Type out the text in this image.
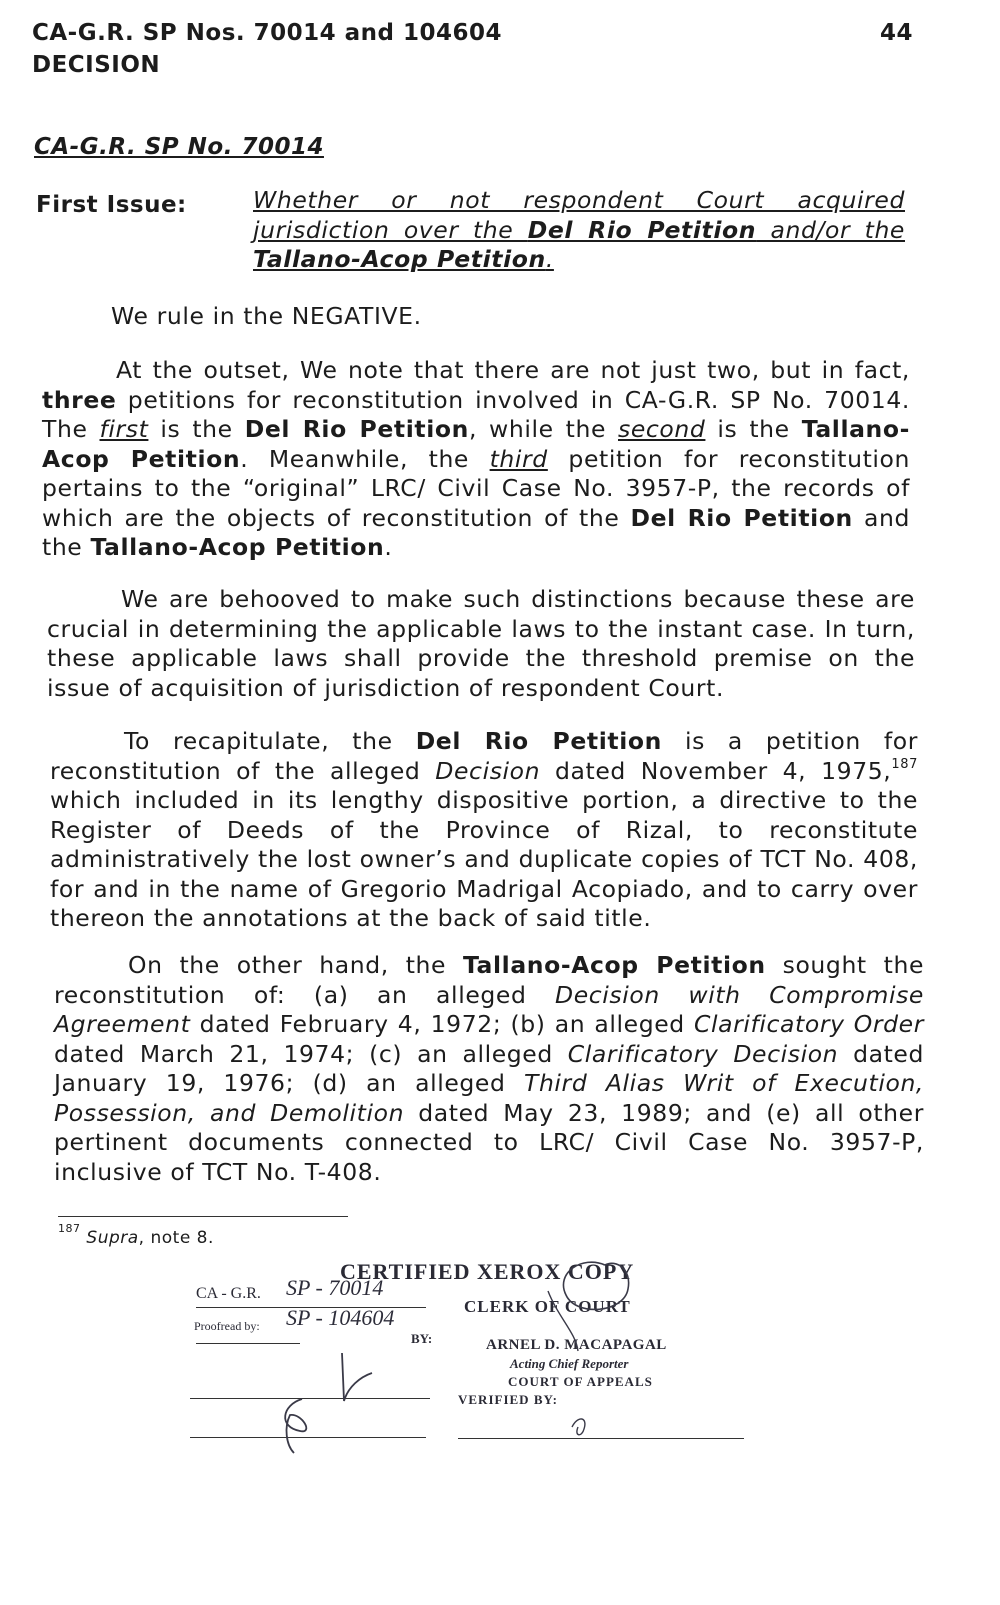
CA-G.R. SP Nos. 70014 and 104604
DECISION
44
CA-G.R. SP No. 70014
First Issue:	Whether or not respondent Court acquired jurisdiction over the Del Rio Petition and/or the Tallano-Acop Petition.
We rule in the NEGATIVE.
At the outset, We note that there are not just two, but in fact, three petitions for reconstitution involved in CA-G.R. SP No. 70014. The first is the Del Rio Petition, while the second is the Tallano-Acop Petition. Meanwhile, the third petition for reconstitution pertains to the “original” LRC/ Civil Case No. 3957-P, the records of which are the objects of reconstitution of the Del Rio Petition and the Tallano-Acop Petition.
We are behooved to make such distinctions because these are crucial in determining the applicable laws to the instant case. In turn, these applicable laws shall provide the threshold premise on the issue of acquisition of jurisdiction of respondent Court.
To recapitulate, the Del Rio Petition is a petition for reconstitution of the alleged Decision dated November 4, 1975,$^{187}$ which included in its lengthy dispositive portion, a directive to the Register of Deeds of the Province of Rizal, to reconstitute administratively the lost owner’s and duplicate copies of TCT No. 408, for and in the name of Gregorio Madrigal Acopiado, and to carry over thereon the annotations at the back of said title.
On the other hand, the Tallano-Acop Petition sought the reconstitution of: (a) an alleged Decision with Compromise Agreement dated February 4, 1972; (b) an alleged Clarificatory Order dated March 21, 1974; (c) an alleged Clarificatory Decision dated January 19, 1976; (d) an alleged Third Alias Writ of Execution, Possession, and Demolition dated May 23, 1989; and (e) all other pertinent documents connected to LRC/ Civil Case No. 3957-P, inclusive of TCT No. T-408.
$^{187}$ Supra, note 8.
CERTIFIED XEROX COPY
CLERK OF COURT
ARNEL D. MACAPAGAL
Acting Chief Reporter
COURT OF APPEALS
VERIFIED BY:
CA - G.R. SP - 70014
Proofread by: SP - 104604
BY:
